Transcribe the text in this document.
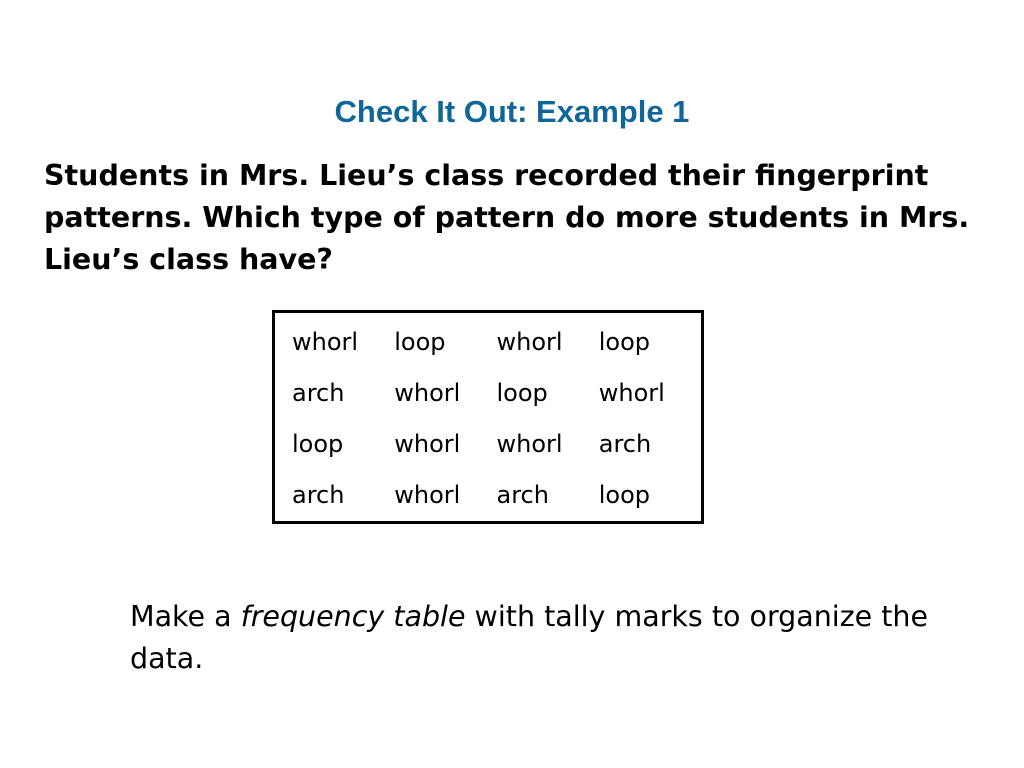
Check It Out: Example 1
Students in Mrs. Lieu’s class recorded their fingerprint patterns. Which type of pattern do more students in Mrs. Lieu’s class have?
whorl	loop	whorl	loop
arch	whorl	loop	whorl
loop	whorl	whorl	arch
arch	whorl	arch	loop
Make a frequency table with tally marks to organize the data.
